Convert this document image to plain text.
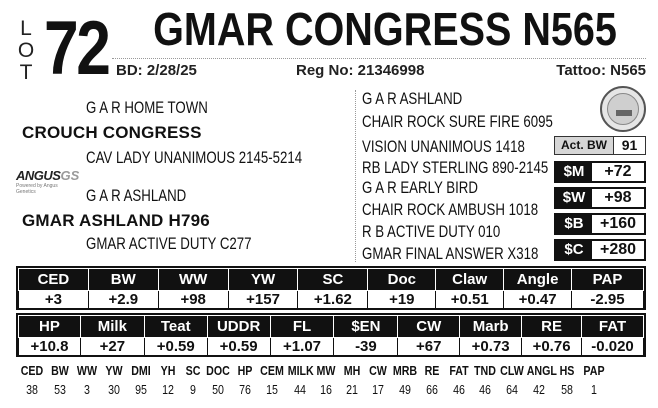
L
O
T 72 GMAR CONGRESS N565
BD: 2/28/25	Reg No: 21346998	Tattoo: N565
G A R HOME TOWN
CROUCH CONGRESS
CAV LADY UNANIMOUS 2145-5214
ANGUSGS
Powered by Angus Genetics	G A R ASHLAND
GMAR ASHLAND H796
GMAR ACTIVE DUTY C277
G A R ASHLAND
CHAIR ROCK SURE FIRE 6095
VISION UNANIMOUS 1418
RB LADY STERLING 890-2145
G A R EARLY BIRD
CHAIR ROCK AMBUSH 1018
R B ACTIVE DUTY 010
GMAR FINAL ANSWER X318
Act. BW	91
$M	+72
$W	+98
$B	+160
$C	+280
CED	BW	WW	YW	SC	Doc	Claw	Angle	PAP
+3	+2.9	+98	+157	+1.62	+19	+0.51	+0.47	-2.95
HP	Milk	Teat	UDDR	FL	$EN	CW	Marb	RE	FAT
+10.8	+27	+0.59	+0.59	+1.07	-39	+67	+0.73	+0.76	-0.020
CED BW WW YW DMI YH SC DOC HP CEM MILK MW MH CW MRB RE FAT TND CLW ANGL HS PAP
38	53	3	30	95	12	9	50	76	15	44	16	21	17	49	66	46	46	64	42	58	1
